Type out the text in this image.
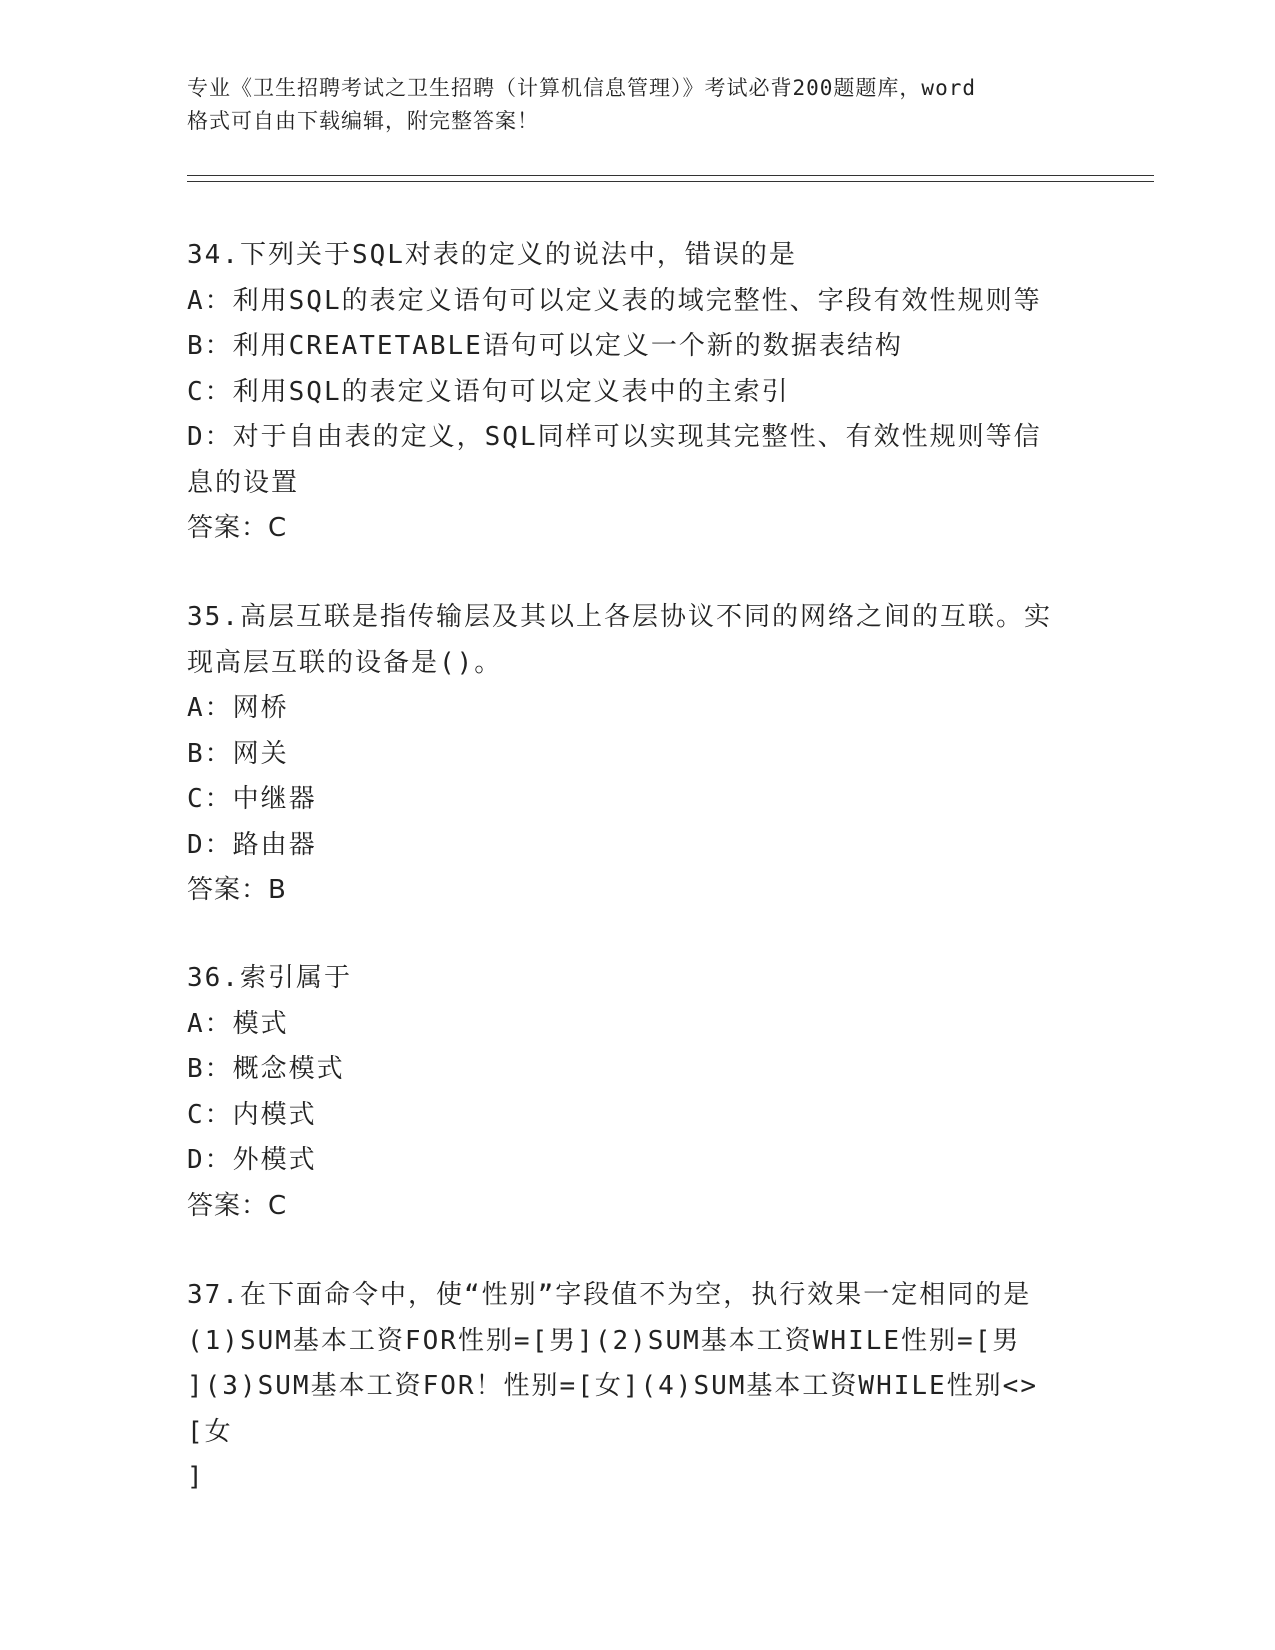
专业《卫生招聘考试之卫生招聘（计算机信息管理）》考试必背200题题库，word
格式可自由下载编辑，附完整答案！
34.下列关于SQL对表的定义的说法中，错误的是
A：利用SQL的表定义语句可以定义表的域完整性、字段有效性规则等
B：利用CREATETABLE语句可以定义一个新的数据表结构
C：利用SQL的表定义语句可以定义表中的主索引
D：对于自由表的定义，SQL同样可以实现其完整性、有效性规则等信
息的设置
答案：C
35.高层互联是指传输层及其以上各层协议不同的网络之间的互联。实
现高层互联的设备是()。
A：网桥
B：网关
C：中继器
D：路由器
答案：B
36.索引属于
A：模式
B：概念模式
C：内模式
D：外模式
答案：C
37.在下面命令中，使“性别”字段值不为空，执行效果一定相同的是
(1)SUM基本工资FOR性别=[男](2)SUM基本工资WHILE性别=[男
](3)SUM基本工资FOR！性别=[女](4)SUM基本工资WHILE性别<>[女
]
